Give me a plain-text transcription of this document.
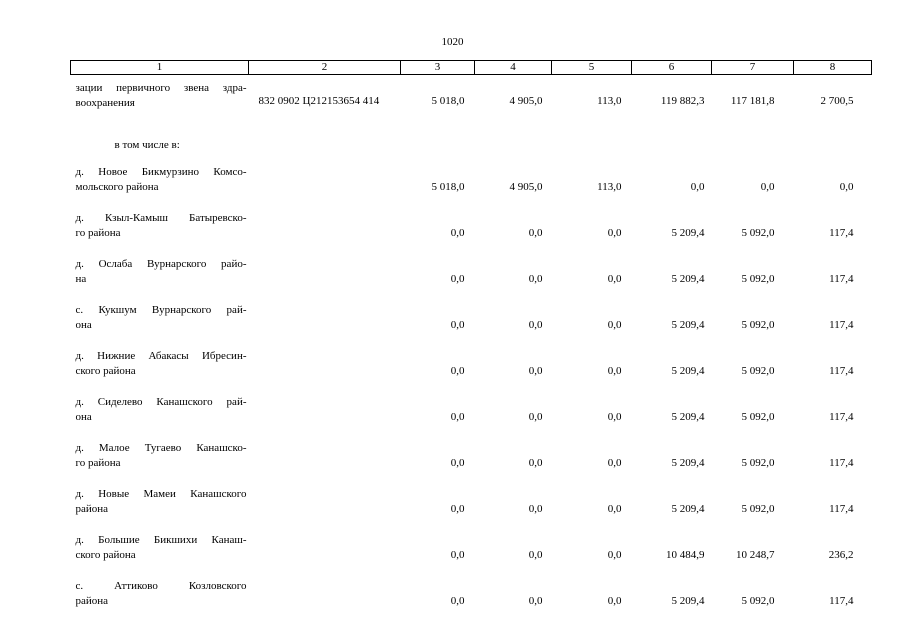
1020
1	2	3	4	5	6	7	8

зации первичного звена здра-
воохранения	832 0902 Ц212153654 414	5 018,0	4 905,0	113,0	119 882,3	117 181,8	2 700,5
в том числе в:							

д. Новое Бикмурзино Комсо-
мольского района		5 018,0	4 905,0	113,0	0,0	0,0	0,0

д. Кзыл-Камыш Батыревско-
го района		0,0	0,0	0,0	5 209,4	5 092,0	117,4

д. Ослаба Вурнарского райо-
на		0,0	0,0	0,0	5 209,4	5 092,0	117,4

с. Кукшум Вурнарского рай-
она		0,0	0,0	0,0	5 209,4	5 092,0	117,4

д. Нижние Абакасы Ибресин-
ского района		0,0	0,0	0,0	5 209,4	5 092,0	117,4

д. Сиделево Канашского рай-
она		0,0	0,0	0,0	5 209,4	5 092,0	117,4

д. Малое Тугаево Канашско-
го района		0,0	0,0	0,0	5 209,4	5 092,0	117,4

д. Новые Мамеи Канашского
района		0,0	0,0	0,0	5 209,4	5 092,0	117,4

д. Большие Бикшихи Канаш-
ского района		0,0	0,0	0,0	10 484,9	10 248,7	236,2

с. Аттиково Козловского
района		0,0	0,0	0,0	5 209,4	5 092,0	117,4
